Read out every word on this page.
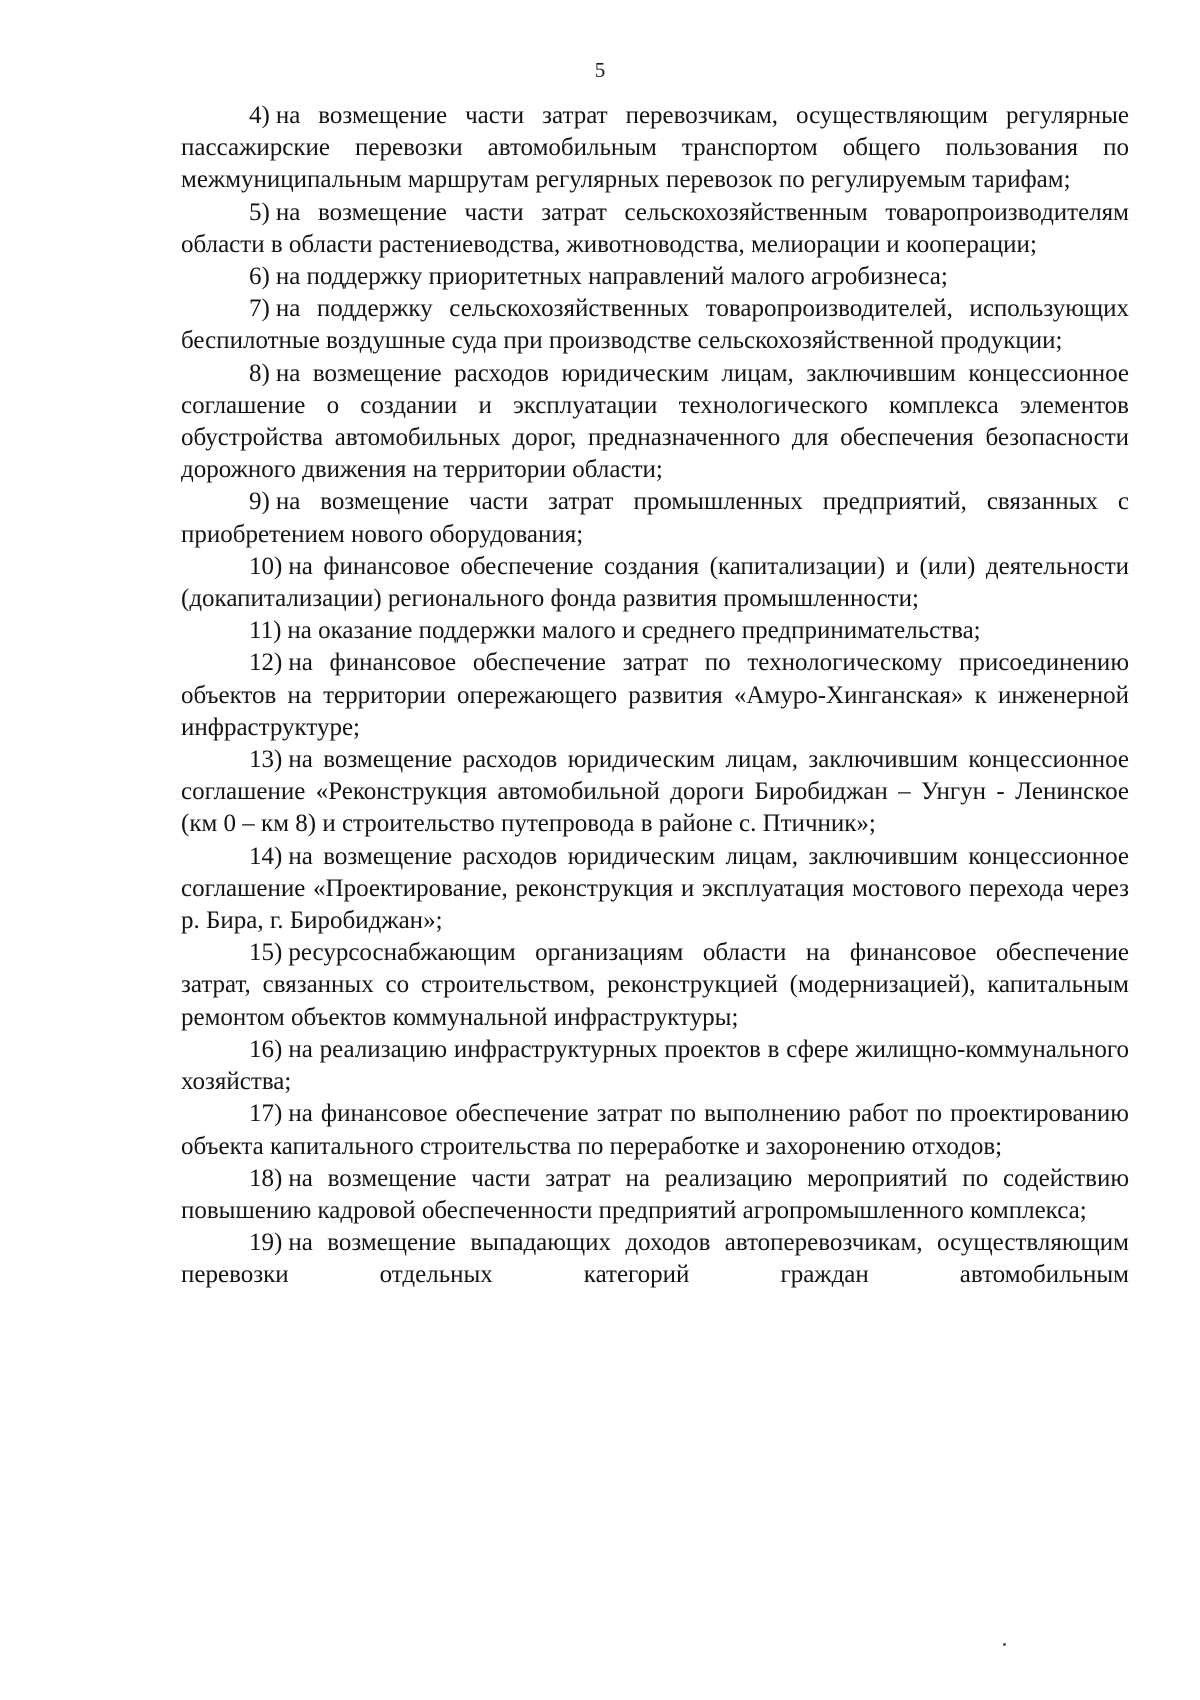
5

4) на возмещение части затрат перевозчикам, осуществляющим регулярные пассажирские перевозки автомобильным транспортом общего пользования по межмуниципальным маршрутам регулярных перевозок по регулируемым тарифам;

5) на возмещение части затрат сельскохозяйственным товаропроизводителям области в области растениеводства, животноводства, мелиорации и кооперации;

6) на поддержку приоритетных направлений малого агробизнеса;

7) на поддержку сельскохозяйственных товаропроизводителей, использующих беспилотные воздушные суда при производстве сельскохозяйственной продукции;

8) на возмещение расходов юридическим лицам, заключившим концессионное соглашение о создании и эксплуатации технологического комплекса элементов обустройства автомобильных дорог, предназначенного для обеспечения безопасности дорожного движения на территории области;

9) на возмещение части затрат промышленных предприятий, связанных с приобретением нового оборудования;

10) на финансовое обеспечение создания (капитализации) и (или) деятельности (докапитализации) регионального фонда развития промышленности;

11) на оказание поддержки малого и среднего предпринимательства;

12) на финансовое обеспечение затрат по технологическому присоединению объектов на территории опережающего развития «Амуро-Хинганская» к инженерной инфраструктуре;

13) на возмещение расходов юридическим лицам, заключившим концессионное соглашение «Реконструкция автомобильной дороги Биробиджан – Унгун - Ленинское (км 0 – км 8) и строительство путепровода в районе с. Птичник»;

14) на возмещение расходов юридическим лицам, заключившим концессионное соглашение «Проектирование, реконструкция и эксплуатация мостового перехода через р. Бира, г. Биробиджан»;

15) ресурсоснабжающим организациям области на финансовое обеспечение затрат, связанных со строительством, реконструкцией (модернизацией), капитальным ремонтом объектов коммунальной инфраструктуры;

16) на реализацию инфраструктурных проектов в сфере жилищно-коммунального хозяйства;

17) на финансовое обеспечение затрат по выполнению работ по проектированию объекта капитального строительства по переработке и захоронению отходов;

18) на возмещение части затрат на реализацию мероприятий по содействию повышению кадровой обеспеченности предприятий агропромышленного комплекса;

19) на возмещение выпадающих доходов автоперевозчикам, осуществляющим перевозки отдельных категорий граждан автомобильным
